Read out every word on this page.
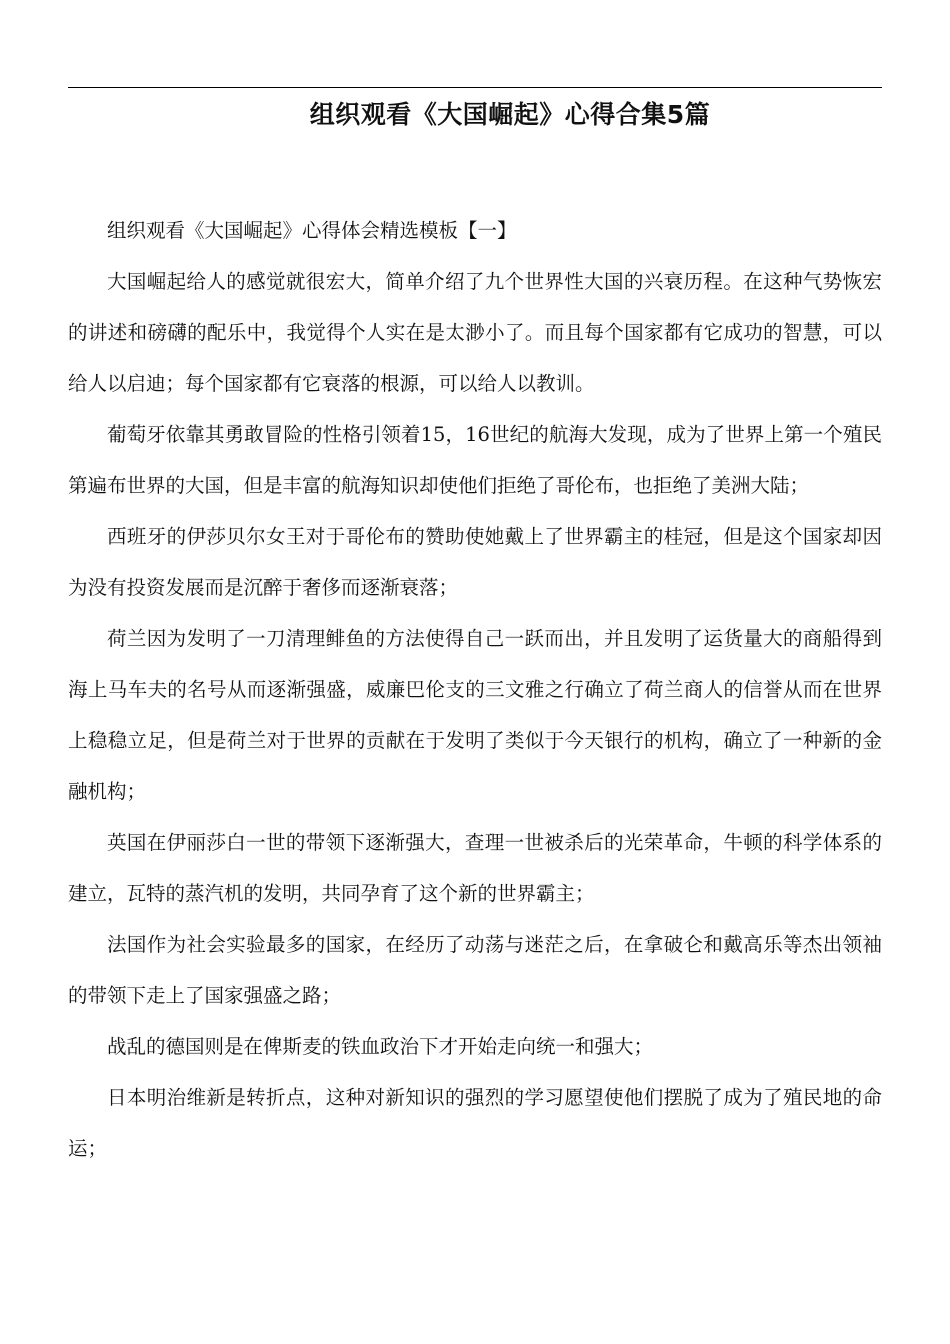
组织观看《大国崛起》心得合集5篇

组织观看《大国崛起》心得体会精选模板【一】

大国崛起给人的感觉就很宏大，简单介绍了九个世界性大国的兴衰历程。在这种气势恢宏的讲述和磅礴的配乐中，我觉得个人实在是太渺小了。而且每个国家都有它成功的智慧，可以给人以启迪；每个国家都有它衰落的根源，可以给人以教训。

葡萄牙依靠其勇敢冒险的性格引领着15，16世纪的航海大发现，成为了世界上第一个殖民第遍布世界的大国，但是丰富的航海知识却使他们拒绝了哥伦布，也拒绝了美洲大陆；

西班牙的伊莎贝尔女王对于哥伦布的赞助使她戴上了世界霸主的桂冠，但是这个国家却因为没有投资发展而是沉醉于奢侈而逐渐衰落；

荷兰因为发明了一刀清理鲱鱼的方法使得自己一跃而出，并且发明了运货量大的商船得到海上马车夫的名号从而逐渐强盛，威廉巴伦支的三文雅之行确立了荷兰商人的信誉从而在世界上稳稳立足，但是荷兰对于世界的贡献在于发明了类似于今天银行的机构，确立了一种新的金融机构；

英国在伊丽莎白一世的带领下逐渐强大，查理一世被杀后的光荣革命，牛顿的科学体系的建立，瓦特的蒸汽机的发明，共同孕育了这个新的世界霸主；

法国作为社会实验最多的国家，在经历了动荡与迷茫之后，在拿破仑和戴高乐等杰出领袖的带领下走上了国家强盛之路；

战乱的德国则是在俾斯麦的铁血政治下才开始走向统一和强大；

日本明治维新是转折点，这种对新知识的强烈的学习愿望使他们摆脱了成为了殖民地的命运；
